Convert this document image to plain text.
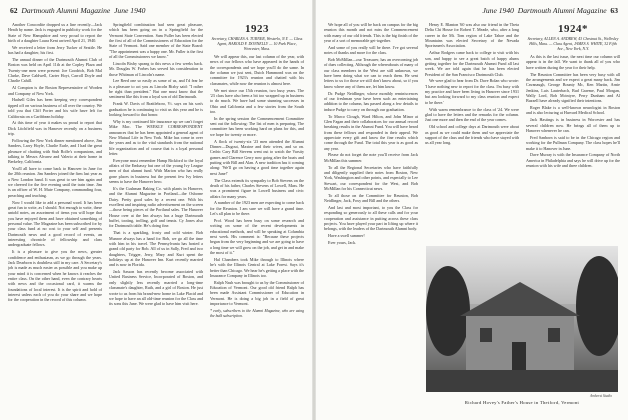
62 Dartmouth Alumni Magazine June 1940

Another Concordite dropped us a line recently—Jack Heath by name. Jack is engaged in publicity work for the State of New Hampshire and very proud to report the birth of a daughter Laura Kent arrived April 21, 1940.

We received a letter from Jerry Tucker of Seattle. He has had a daughter, his first.

The annual dinner of the Dartmouth Alumni Club of Boston was held on April 11th at the Copley Plaza and Twenty-one men were present: Joe Goodrich, Bob Mal Clarke, Dave Caldwell, Carter Hoyt, Carroll Doyle and Charlie Cahill.

Al Compton is the Boston Representative of Worden and Company of New York.

Hadsell Giles has been keeping very correspondent tipped off on various business of all over the country. We told you that Cliff Porter and his wife have left for California on a Caribbean holiday.

At this time of year it makes us proud to report that Dick Litchfield was in Hanover recently on a business trip.

Following the New York dinner mentioned above, Jim Sanders, Larry Hoyle, Charlie Earle, and I had the great pleasure of chatting with Stub Rolfe's companions, and talking to Messrs Alvarez and Valerio at their home in Berkeley, California.

You'll all have to come back to Hanover in June for the 20th reunion. Jim Sanders joined the firm last year as a New London hand. It was great to see him again and we cheered for the five evening until the train time. Jim is an officer of W. H. Mute Company, commanding four, preaching and teaching.

Now I would like to add a personal word. It has been great fun to write, as I should. Not enough to write, these untold notes, an assortment of items you will hope that you have enjoyed them and have obtained something of personal value. The Magazine has been subscribed for by your class fund at no cost to your self and presents Dartmouth news and a good record of events, an interesting chronicle of fellowship and class undergraduate fellows.

It is a pleasure to give you the news, greater confidence and enthusiasm, as we go through the years. Jack Dearborn is doubtless still in my care. A Secretary's job is made as much easier as possible and you make up your mind it is concerned when he knows it reaches the entire class. On the other hand, even the contrary hearts with news and the occasional card, it warms the foundations of local interest. It is the spirit and hold of interest unless each of you do your share and we hope for the cooperation in the record of this column.

Springfield combination had seen great pleasure, which has been going on in a Springfield for the Vermont State Convention. Sam Fuller has been elected the first of all of the Commissioners of Education for the State of Vermont. Said one member of the State Board: "The appointment was a happy one. Mr. Fuller is the first of all the Commissioners we know."

Lincoln Bixby sprang to this news a few weeks back. Mr. Douglas W. Forbes has served his consideration to those Whitman of Lincoln's name.

Lee Reed one so easily as some of us, and I'd fear he is a pleasure to act you as Lincoln Bixby said: "I rather be right than president." But one must know that the sentiment like this from a loyal son of old Dartmouth.

Frank W. Davis of Brattleboro, Vt. says on his son's graduation he is continuing to visit us this year and he is looking forward to that honor.

Why is my continued life insurance up we can't forget Mike Mac. The WEEKLY CORRESPONDENT announces that he has been appointed a general agent of New Mutual Life in New York. Mike has come in over the years and as to the vital standards from the national life organization and of course that is a loyal personal letter.

Everyone must remember Hamp Bickford to the loyal affairs of the Embassy but one of the young Ivy League men of that alumni fund. With Marion who has really gone places in business but the present few Ivy letters seems to have the Hanover hero.

It's the Cushman Baking Co. with plants in Hanover, and the Alumni Magazine in Portland—the Osborne Dairy. Pretty good sales by a recent one. With his excellent and inspiring radio advertisement on the screen—those being pieces of the Portland sales. The Hanover House over at the Inn always has a huge Dartmouth buffet, tooting, trolling, golf and tennis. Cy Jones also for Dartmouth table. He's doing fine.

That is a sparkling, frosty and cold winter. Bob Munroe always has a hand for Bob, we go all the time with him in his travel. The Pennsylvania has hosted a grand old party for Bob. All of us in Sally, Fred and two daughters, Trigger, Jerry, Mary and Kurt spent the holidays up at the Hanover Inn. Kurt recently married and is now in Florida.

Jack Sasson has recently become associated with United Business Service, Incorporated of Boston, and only slightly less recently married a long-time classmate's daughter, Ruth, and a girl of Boston. He just wrote to us from his brand-new home in Lake Placid and we hope to have an all old-time reunion for the Class and its sons this June. We were glad to have him visit here.

1923
Secretary, CHARLES A. TURNER, Westerlo, N.Y. — Class Agent, HAROLD F. DONNELLY — 10 Park Place, Worcester, Mass.

We will appear this, our last column of the year, with news of our fellows who have appeared in the hands of the correspondents and we hope you'll do the same. In the column we just sent, Dutch Hammond was on the committee for 1923's reunion and chatted with his classmates, while now the reunion is almost here.

We met since our 15th reunion, two busy years. The '23 class have also been a bit too wrapped up in business to do much. We have had some stunning successes in Ohio and California and a few stories from the South too.

In the spring session the Commencement Committee sent out the following: The list of men is preparing. The committee has been working hard on plans for this, and we hope for twenty or more.

A flock of twenty-six '23 men attended the Alumni Dinner—Dugout, Maxine and their wives, and so on. Cedric Cary Bill Stevens went out to watch the Varsity games and Clarence Gerry now going after the boats and putting with Bill and Alan. A new tradition has it coming along: 'We'll go on having a good time together again next June!'

The Class extends its sympathy to Bob Stevens on the death of his father, Charles Stevens of Lowell, Mass. He was a prominent figure in Lowell business and civic affairs for many years.

A number of the 1923 men are expecting to come back for the Reunion. I am sure we will have a grand time. Let's all plan to be there.

Prof. Wood has been busy on some research and writing on some of the recent developments in educational methods, and will be speaking at Columbia next week. His comment is: "Because these projects began from the very beginning and we are going to have a long time we will grow on the job, and get in and make the most of it."

Hal Chambers took Mike through to Illinois where he's with the Illinois Central at Lake Forest. Says it's better than Chicago. We hear he's getting a place with the Insurance Company in Illinois too.

Ralph Nash was brought to us by the Commissioner of Education of Vermont. Our good old friend Ralph has been made Assistant Commissioner of Education in Vermont. He is doing a big job in a field of great importance to Vermont.

* early, subscribers to the Alumni Magazine, who are using the bulk subscription.
June 1940 Dartmouth Alumni Magazine 63

We hope all of you will be back on campus for the big reunion this month and not miss the Commencement with many of our old friends. This is the big finish of the year of a sort of memorable get-together.

And some of you really will be there. I've got several notes of thanks and more for the class.

Bob McMillan—our Treasurer, has an overcoming job of dues collecting. Although the whereabouts of many of our class members in the West are still unknown, we have been doing what we can to reach them. He sent letters to us for those we still don't know about, so if you know where any of them are, let him know.

Dr. Pudge Neidlinger, whose monthly reminiscences of our freshman year have been such an entertaining addition to the column, has passed along a few details to induce Pudge to carry on through our graduation.

To Marco Clough, Ward Hilton, and John Minor at Glen Fagan and their collaborators for our annual record breaking results in the Alumni Fund. You will have heard from these fellows and responded in their appeal. We appreciate every gift and know the fine results which come through the Fund. The total this year is as good as any year.

Please do not forget the note you'll receive from Jack McMillan this summer.

To all the Regional Secretaries who have faithfully and diligently supplied their notes from Boston, New York, Washington and other points, and especially to Lee Stewart, our correspondent for the West, and Bob McMillan for his Connecticut news.

To all those on the Committee for Reunion, Bob Neidlinger, Jack, Foxy and Bill and the others.

And last and most important, to you the Class for responding so generously to all these calls and for your cooperation and assistance in putting across these class projects. You have played your part in lifting up where it belongs, with the leaders of the Dartmouth Alumni body.

Have a swell summer!

Ever yours, Jack.

Henry E. Blanton '60 was also our friend in the Theta Delta Chi House for Robert T. Meade, who, after a long career in the Mt. Tom region of Lake Tahoe and the Mountains was elected Secretary of the Nevada Sportsmen's Association.

Arthur Rodgers came back to college to visit with his son, and happy to see a great batch of happy alums getting together for the Dartmouth Alumni Fund all last week. We are told again that he has been elected President of the San Francisco Dartmouth Club.

We were glad to hear from Dr. Dave Bolan who wrote: 'I have nothing new to report for the class. I'm busy with my practice and have been living in Hanover since 1931 but am looking forward to my class reunion and expect to be there.'

With warm remembrance to the class of '24. We were glad to have the letters and the remarks for the column. Just one more and then the end of the year comes.

Old school and college days at Dartmouth were about as good as we could make them and we appreciate the support of the class and the friends who have stayed with us all year long.

1924*
Secretary, ALLEN A. ANDREW, 43 Chestnut St., Wellesley Hills, Mass. — Class Agent, JAMES S. WHITE, 32 Fifth Ave., New York, N.Y.

As this is the last issue, the next time our column will appear is in the fall. We want to thank all of you who have written during the year for their help.

The Reunion Committee has been very busy with all the arrangements and we expect a great many back. Jim Cavanaugh, George Bounty Mc, Ken Martin, Arnie Jenkins, Luis Lauterbach, Bud Graeme, Paul Morgan, Wally Lord, Bob Mcintyre, Perry Dunham and Al Buzzell have already signified their intentions.

Roger Blake is a well-known neurologist in Boston and is also lecturing at Harvard Medical School.

Jack Hastings is in business in Worcester and has several children now. He brings all of them up to Hanover whenever he can.

Fred Sanborn is said to be in the Chicago region and working for the Pullman Company. The class hopes he'll make it to Hanover in June.

Dave Murray is with the Insurance Company of North America in Philadelphia and says he will drive up for the reunion with his wife and three children.

Amherst Studio
Richard Hovey's Father's House in Thetford, Vermont
